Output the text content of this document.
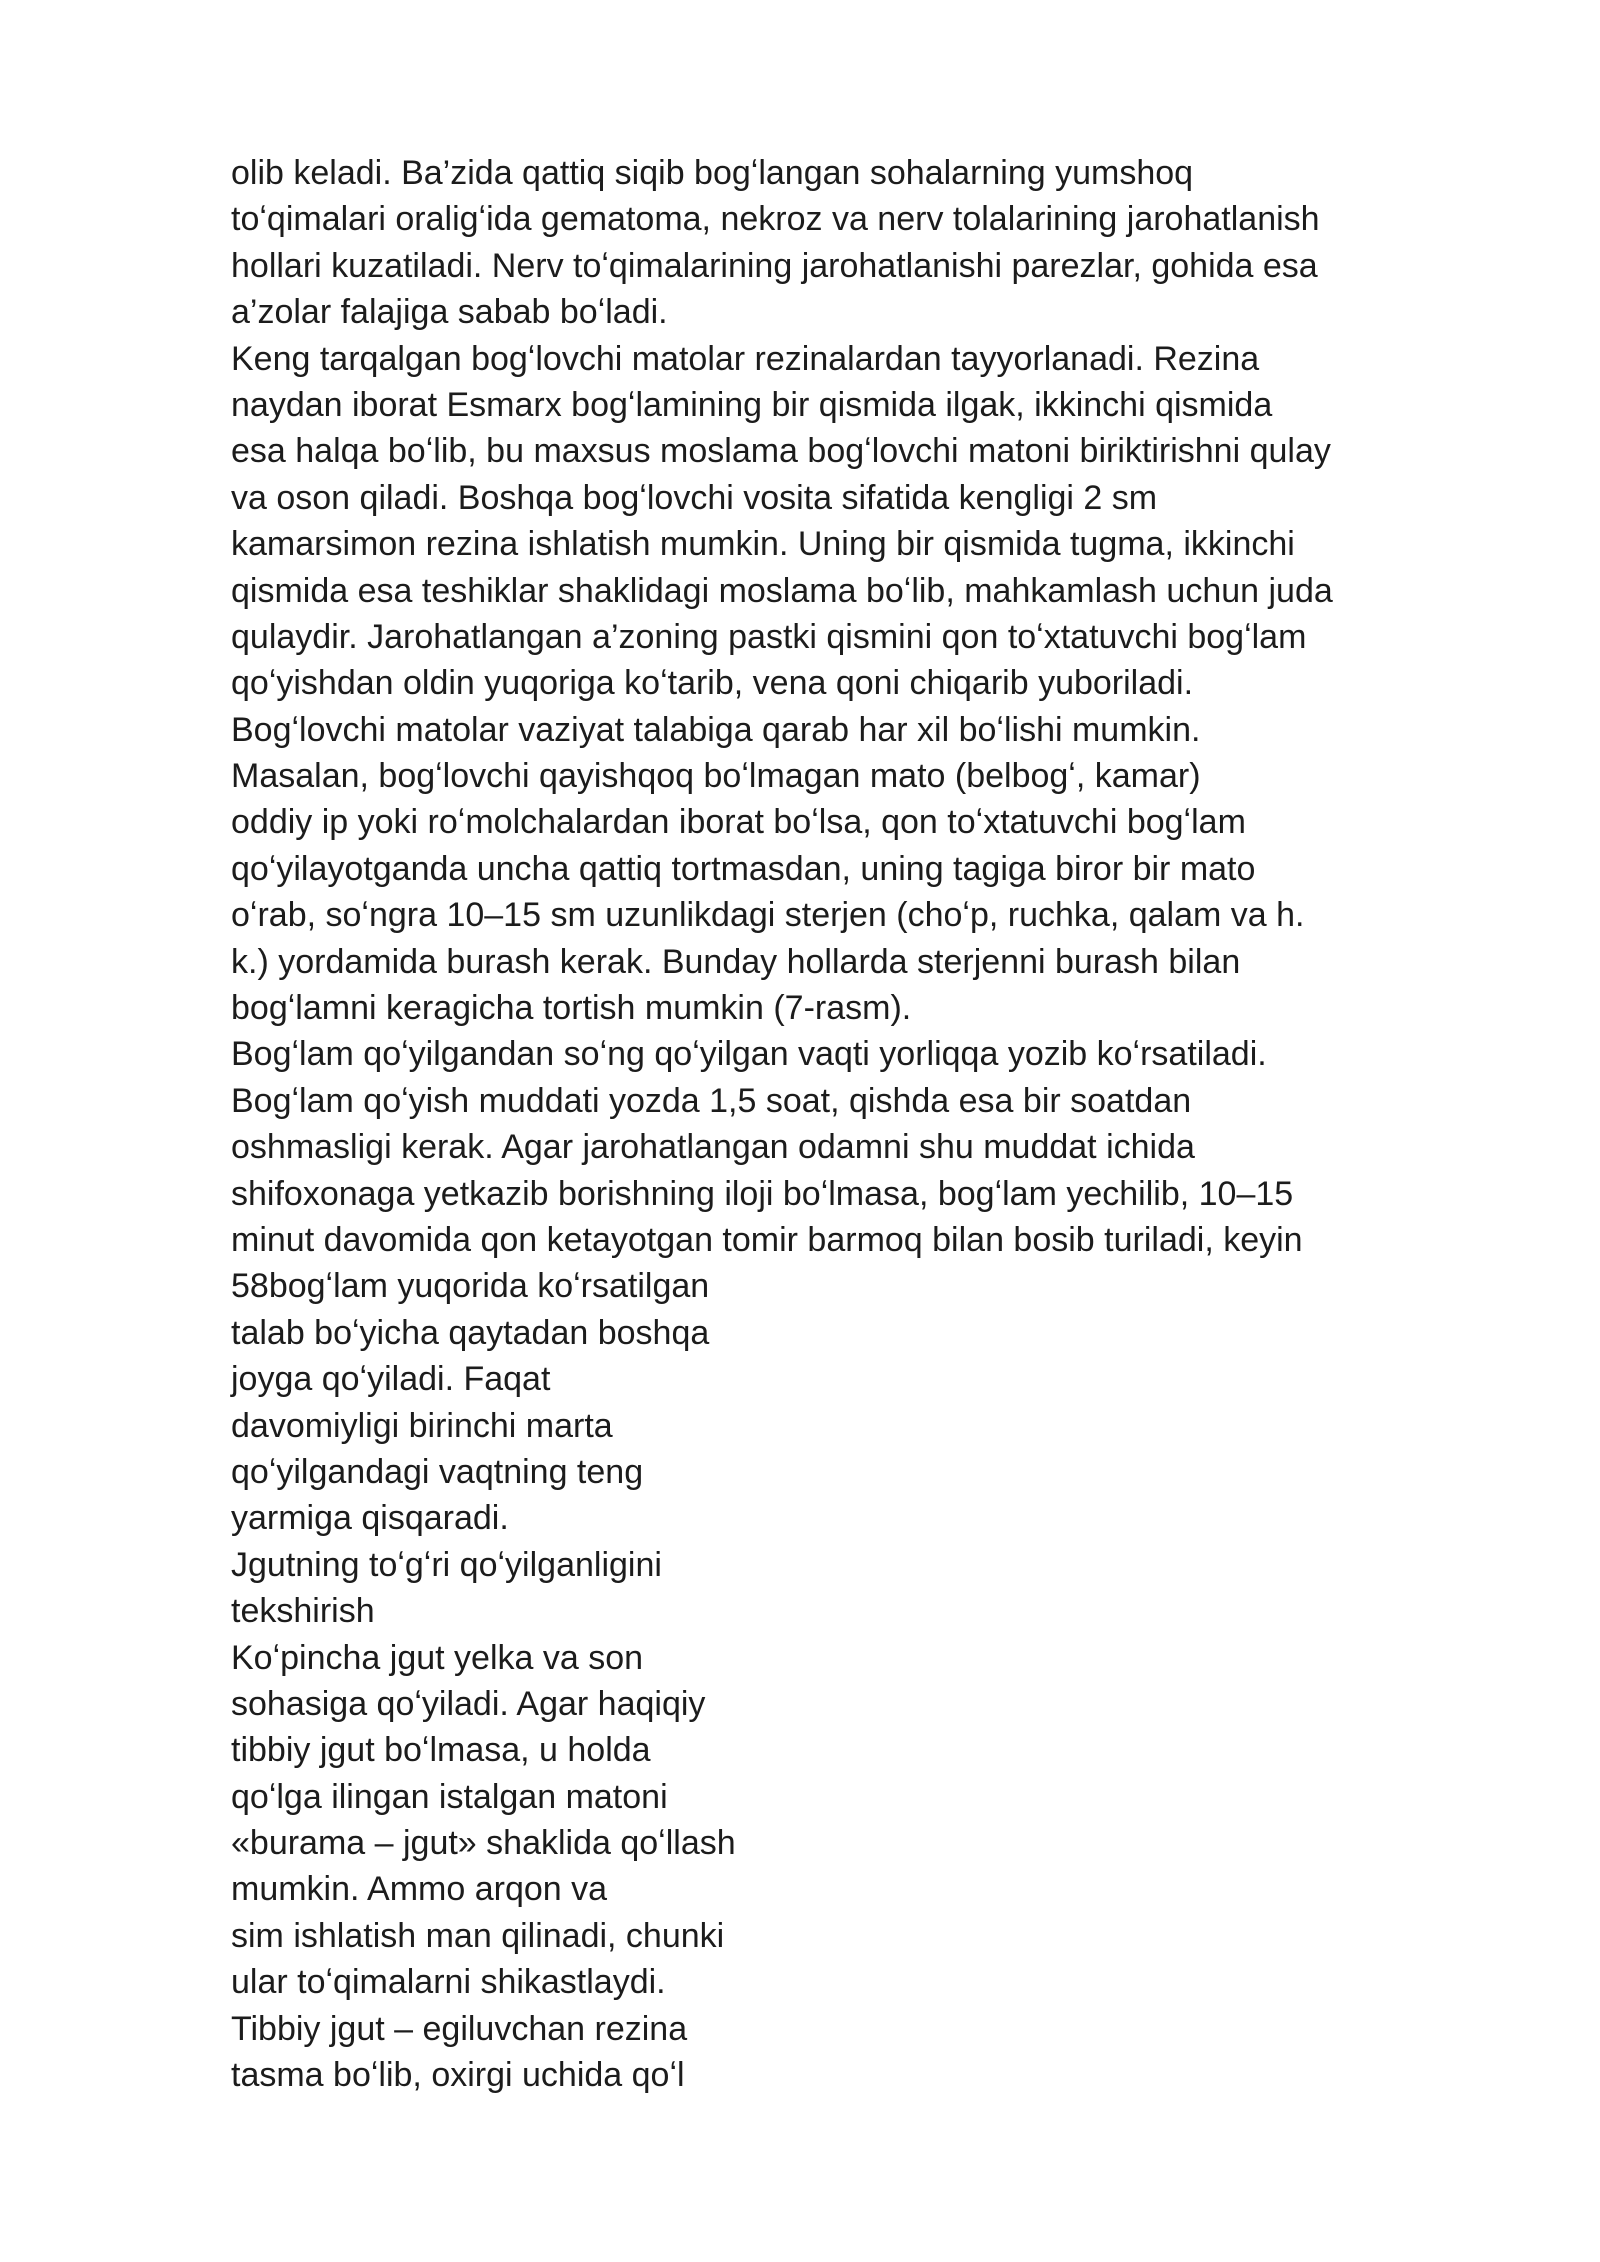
olib keladi. Ba’zida qattiq siqib bogʻlangan sohalarning yumshoq

toʻqimalari oraligʻida gematoma, nekroz va nerv tolalarining jarohatlanish

hollari kuzatiladi. Nerv toʻqimalarining jarohatlanishi parezlar, gohida esa

a’zolar falajiga sabab boʻladi.

Keng tarqalgan bogʻlovchi matolar rezinalardan tayyorlanadi. Rezina

naydan iborat Esmarx bogʻlamining bir qismida ilgak, ikkinchi qismida

esa halqa boʻlib, bu maxsus moslama bogʻlovchi matoni biriktirishni qulay

va oson qiladi. Boshqa bogʻlovchi vosita sifatida kengligi 2 sm

kamarsimon rezina ishlatish mumkin. Uning bir qismida tugma, ikkinchi

qismida esa teshiklar shaklidagi moslama boʻlib, mahkamlash uchun juda

qulaydir. Jarohatlangan a’zoning pastki qismini qon toʻxtatuvchi bogʻlam

qoʻyishdan oldin yuqoriga koʻtarib, vena qoni chiqarib yuboriladi.

Bogʻlovchi matolar vaziyat talabiga qarab har xil boʻlishi mumkin.

Masalan, bogʻlovchi qayishqoq boʻlmagan mato (belbogʻ, kamar)

oddiy ip yoki roʻmolchalardan iborat boʻlsa, qon toʻxtatuvchi bogʻlam

qoʻyilayotganda uncha qattiq tortmasdan, uning tagiga biror bir mato

oʻrab, soʻngra 10–15 sm uzunlikdagi sterjen (choʻp, ruchka, qalam va h.

k.) yordamida burash kerak. Bunday hollarda sterjenni burash bilan

bogʻlamni keragicha tortish mumkin (7-rasm).

Bogʻlam qoʻyilgandan soʻng qoʻyilgan vaqti yorliqqa yozib koʻrsatiladi.

Bogʻlam qoʻyish muddati yozda 1,5 soat, qishda esa bir soatdan

oshmasligi kerak. Agar jarohatlangan odamni shu muddat ichida

shifoxonaga yetkazib borishning iloji boʻlmasa, bogʻlam yechilib, 10–15

minut davomida qon ketayotgan tomir barmoq bilan bosib turiladi, keyin

58bogʻlam yuqorida koʻrsatilgan

talab boʻyicha qaytadan boshqa

joyga qoʻyiladi. Faqat

davomiyligi birinchi marta

qoʻyilgandagi vaqtning teng

yarmiga qisqaradi.

Jgutning toʻgʻri qoʻyilganligini

tekshirish

Koʻpincha jgut yelka va son

sohasiga qoʻyiladi. Agar haqiqiy

tibbiy jgut boʻlmasa, u holda

qoʻlga ilingan istalgan matoni

«burama – jgut» shaklida qoʻllash

mumkin. Ammo arqon va

sim ishlatish man qilinadi, chunki

ular toʻqimalarni shikastlaydi.

Tibbiy jgut – egiluvchan rezina

tasma boʻlib, oxirgi uchida qoʻl
